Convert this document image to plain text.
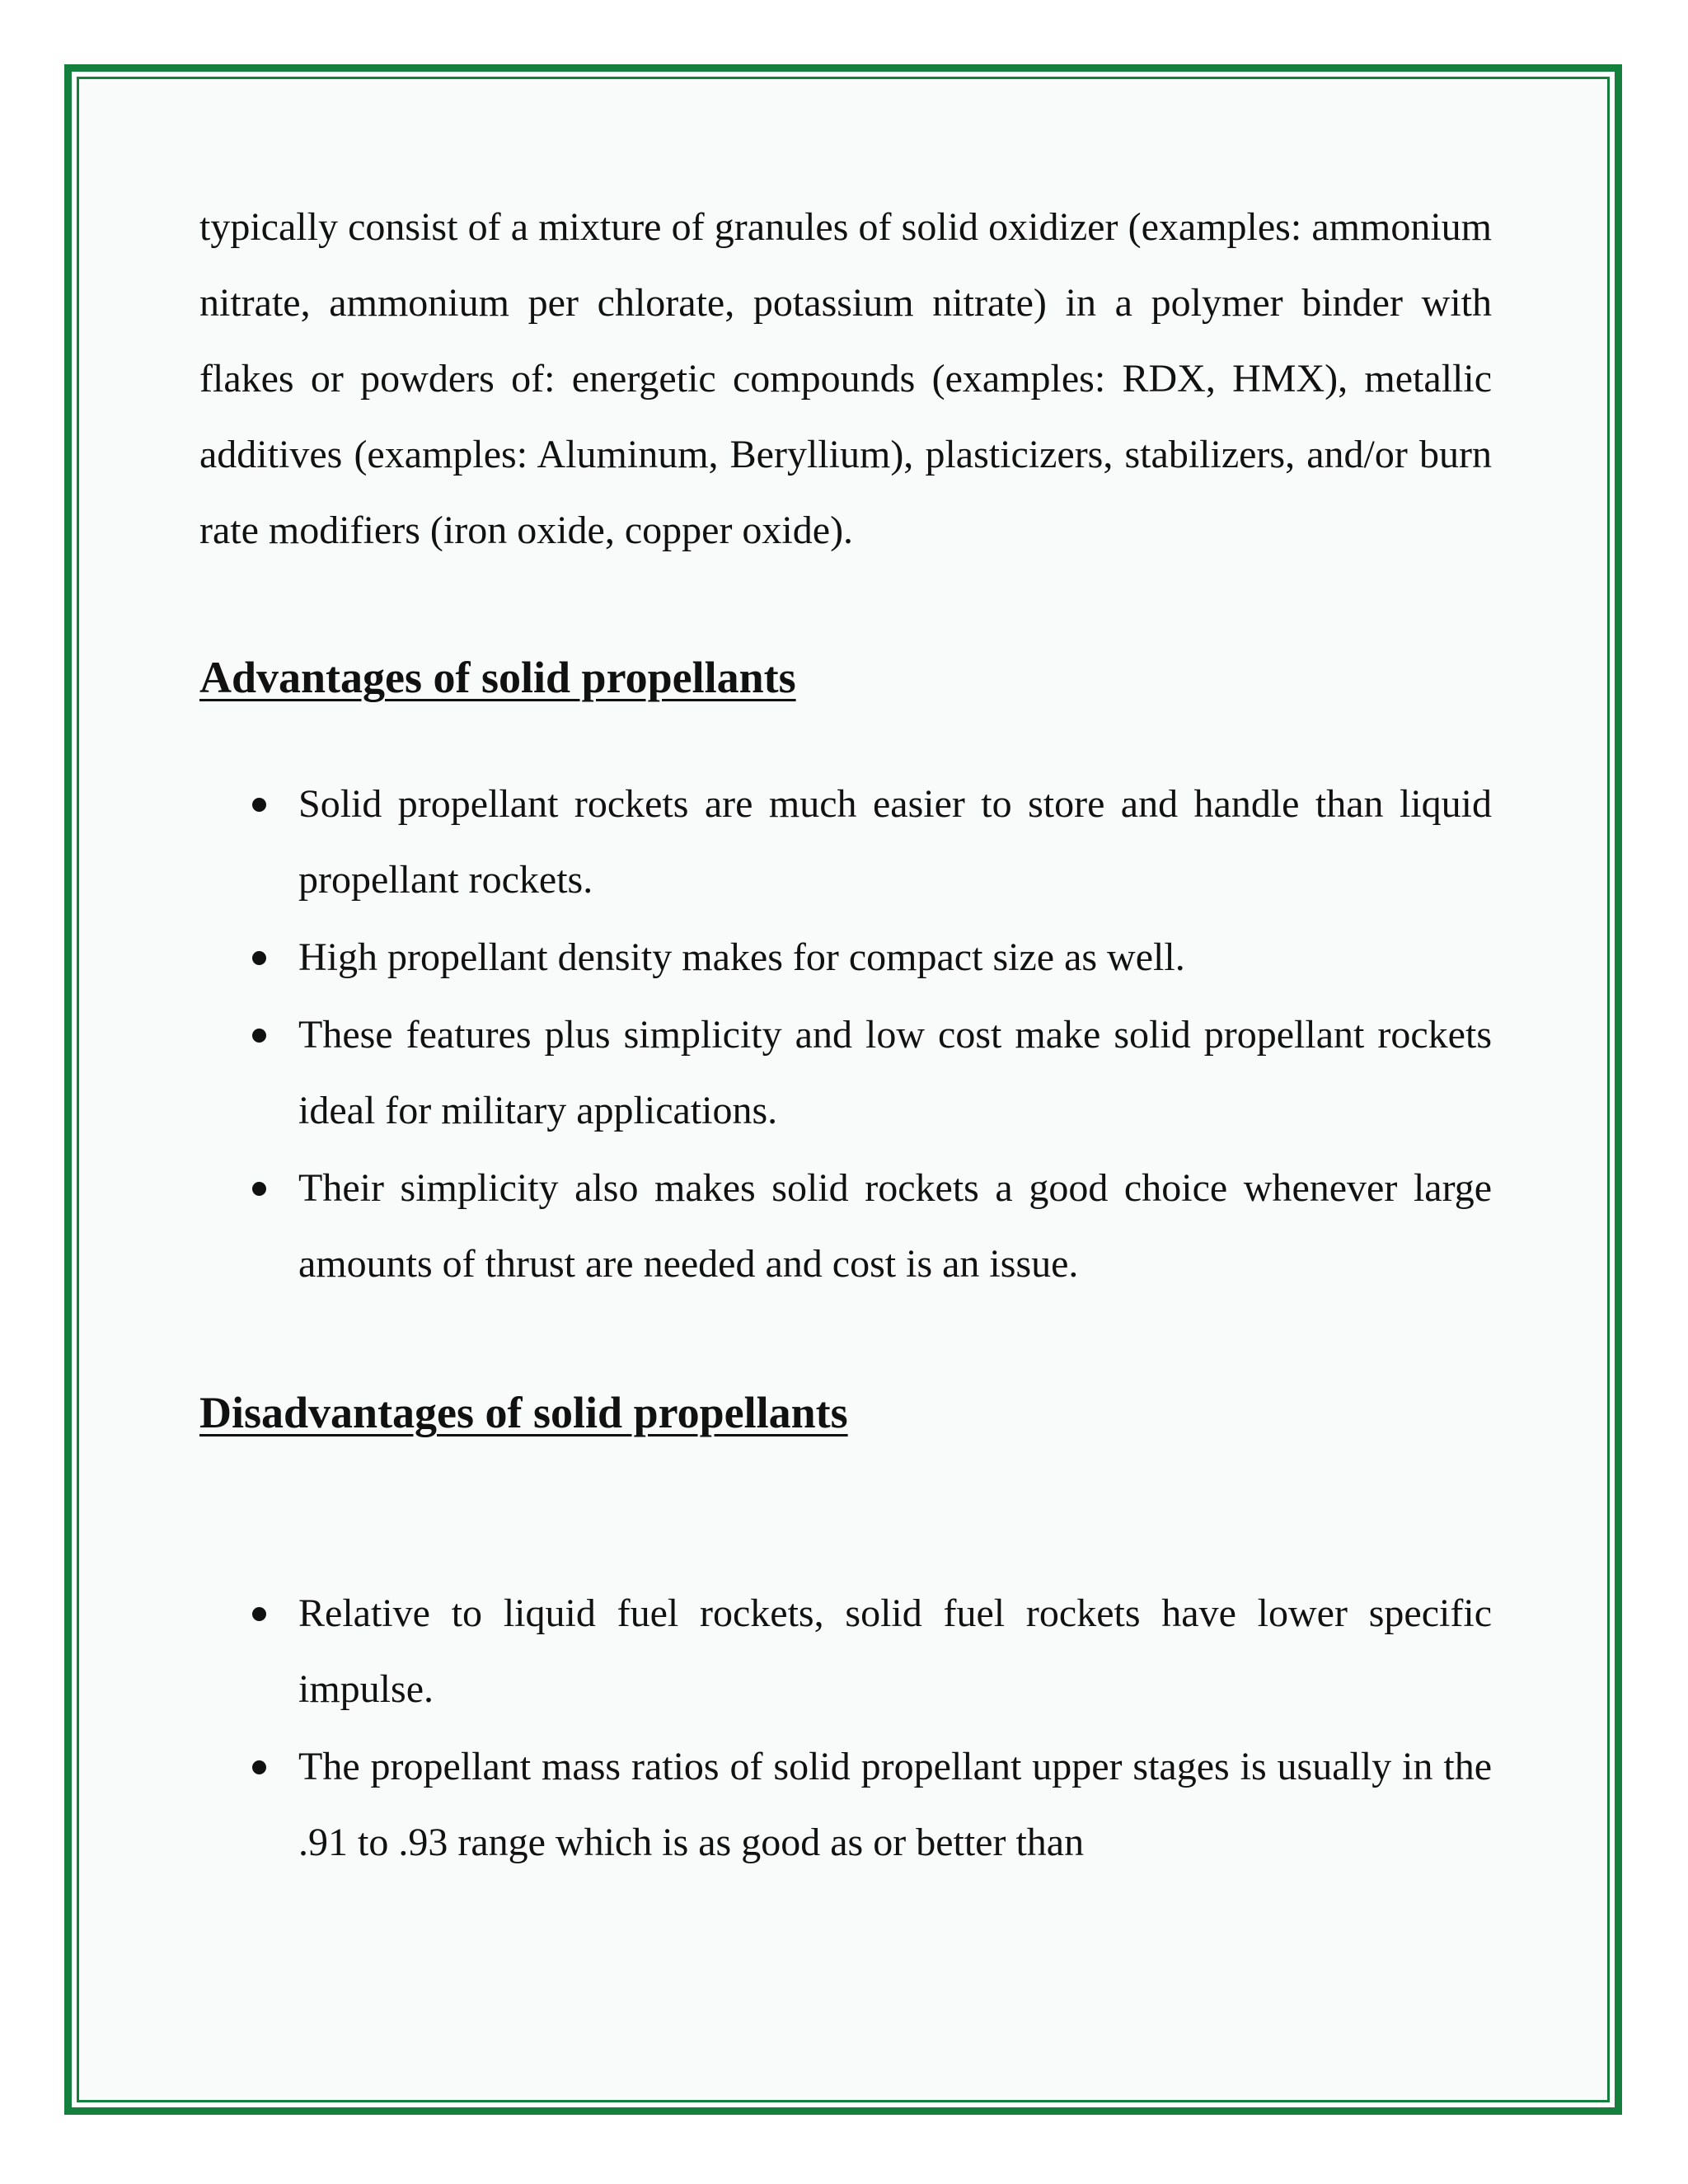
typically consist of a mixture of granules of solid oxidizer (examples: ammonium nitrate, ammonium per chlorate, potassium nitrate) in a polymer binder with flakes or powders of: energetic compounds (examples: RDX, HMX), metallic additives (examples: Aluminum, Beryllium), plasticizers, stabilizers, and/or burn rate modifiers (iron oxide, copper oxide).

Advantages of solid propellants
Solid propellant rockets are much easier to store and handle than liquid propellant rockets.
High propellant density makes for compact size as well.
These features plus simplicity and low cost make solid propellant rockets ideal for military applications.
Their simplicity also makes solid rockets a good choice whenever large amounts of thrust are needed and cost is an issue.
Disadvantages of solid propellants
Relative to liquid fuel rockets, solid fuel rockets have lower specific impulse.
The propellant mass ratios of solid propellant upper stages is usually in the .91 to .93 range which is as good as or better than
